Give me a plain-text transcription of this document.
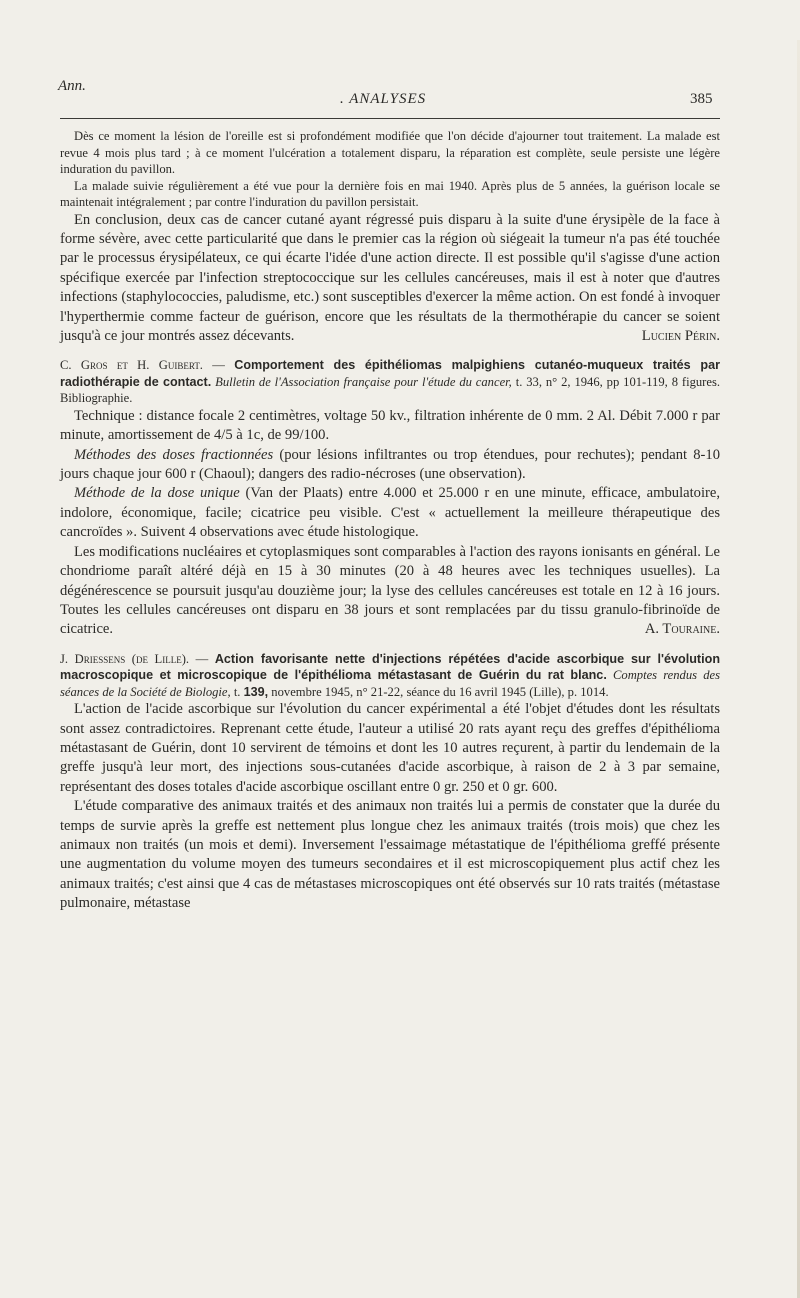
Ann.
. ANALYSES	385

Dès ce moment la lésion de l'oreille est si profondément modifiée que l'on décide d'ajourner tout traitement. La malade est revue 4 mois plus tard ; à ce moment l'ulcération a totalement disparu, la réparation est complète, seule persiste une légère induration du pavillon.

La malade suivie régulièrement a été vue pour la dernière fois en mai 1940. Après plus de 5 années, la guérison locale se maintenait intégralement ; par contre l'induration du pavillon persistait.

En conclusion, deux cas de cancer cutané ayant régressé puis disparu à la suite d'une érysipèle de la face à forme sévère, avec cette particularité que dans le premier cas la région où siégeait la tumeur n'a pas été touchée par le processus érysipélateux, ce qui écarte l'idée d'une action directe. Il est possible qu'il s'agisse d'une action spécifique exercée par l'infection streptococcique sur les cellules cancéreuses, mais il est à noter que d'autres infections (staphylococcies, paludisme, etc.) sont susceptibles d'exercer la même action. On est fondé à invoquer l'hyperthermie comme facteur de guérison, encore que les résultats de la thermothérapie du cancer se soient jusqu'à ce jour montrés assez décevants.	Lucien Périn.

C. Gros et H. Guibert. — Comportement des épithéliomas malpighiens cutanéo-muqueux traités par radiothérapie de contact. Bulletin de l'Association française pour l'étude du cancer, t. 33, n° 2, 1946, pp 101-119, 8 figures. Bibliographie.

Technique : distance focale 2 centimètres, voltage 50 kv., filtration inhérente de 0 mm. 2 Al. Débit 7.000 r par minute, amortissement de 4/5 à 1c, de 99/100.

Méthodes des doses fractionnées (pour lésions infiltrantes ou trop étendues, pour rechutes); pendant 8-10 jours chaque jour 600 r (Chaoul); dangers des radio-nécroses (une observation).

Méthode de la dose unique (Van der Plaats) entre 4.000 et 25.000 r en une minute, efficace, ambulatoire, indolore, économique, facile; cicatrice peu visible. C'est « actuellement la meilleure thérapeutique des cancroïdes ». Suivent 4 observations avec étude histologique.

Les modifications nucléaires et cytoplasmiques sont comparables à l'action des rayons ionisants en général. Le chondriome paraît altéré déjà en 15 à 30 minutes (20 à 48 heures avec les techniques usuelles). La dégénérescence se poursuit jusqu'au douzième jour; la lyse des cellules cancéreuses est totale en 12 à 16 jours. Toutes les cellules cancéreuses ont disparu en 38 jours et sont remplacées par du tissu granulo-fibrinoïde de cicatrice.	A. Touraine.

J. Driessens (de Lille). — Action favorisante nette d'injections répétées d'acide ascorbique sur l'évolution macroscopique et microscopique de l'épithélioma métastasant de Guérin du rat blanc. Comptes rendus des séances de la Société de Biologie, t. 139, novembre 1945, n° 21-22, séance du 16 avril 1945 (Lille), p. 1014.

L'action de l'acide ascorbique sur l'évolution du cancer expérimental a été l'objet d'études dont les résultats sont assez contradictoires. Reprenant cette étude, l'auteur a utilisé 20 rats ayant reçu des greffes d'épithélioma métastasant de Guérin, dont 10 servirent de témoins et dont les 10 autres reçurent, à partir du lendemain de la greffe jusqu'à leur mort, des injections sous-cutanées d'acide ascorbique, à raison de 2 à 3 par semaine, représentant des doses totales d'acide ascorbique oscillant entre 0 gr. 250 et 0 gr. 600.

L'étude comparative des animaux traités et des animaux non traités lui a permis de constater que la durée du temps de survie après la greffe est nettement plus longue chez les animaux traités (trois mois) que chez les animaux non traités (un mois et demi). Inversement l'essaimage métastatique de l'épithélioma greffé présente une augmentation du volume moyen des tumeurs secondaires et il est microscopiquement plus actif chez les animaux traités; c'est ainsi que 4 cas de métastases microscopiques ont été observés sur 10 rats traités (métastase pulmonaire, métastase
